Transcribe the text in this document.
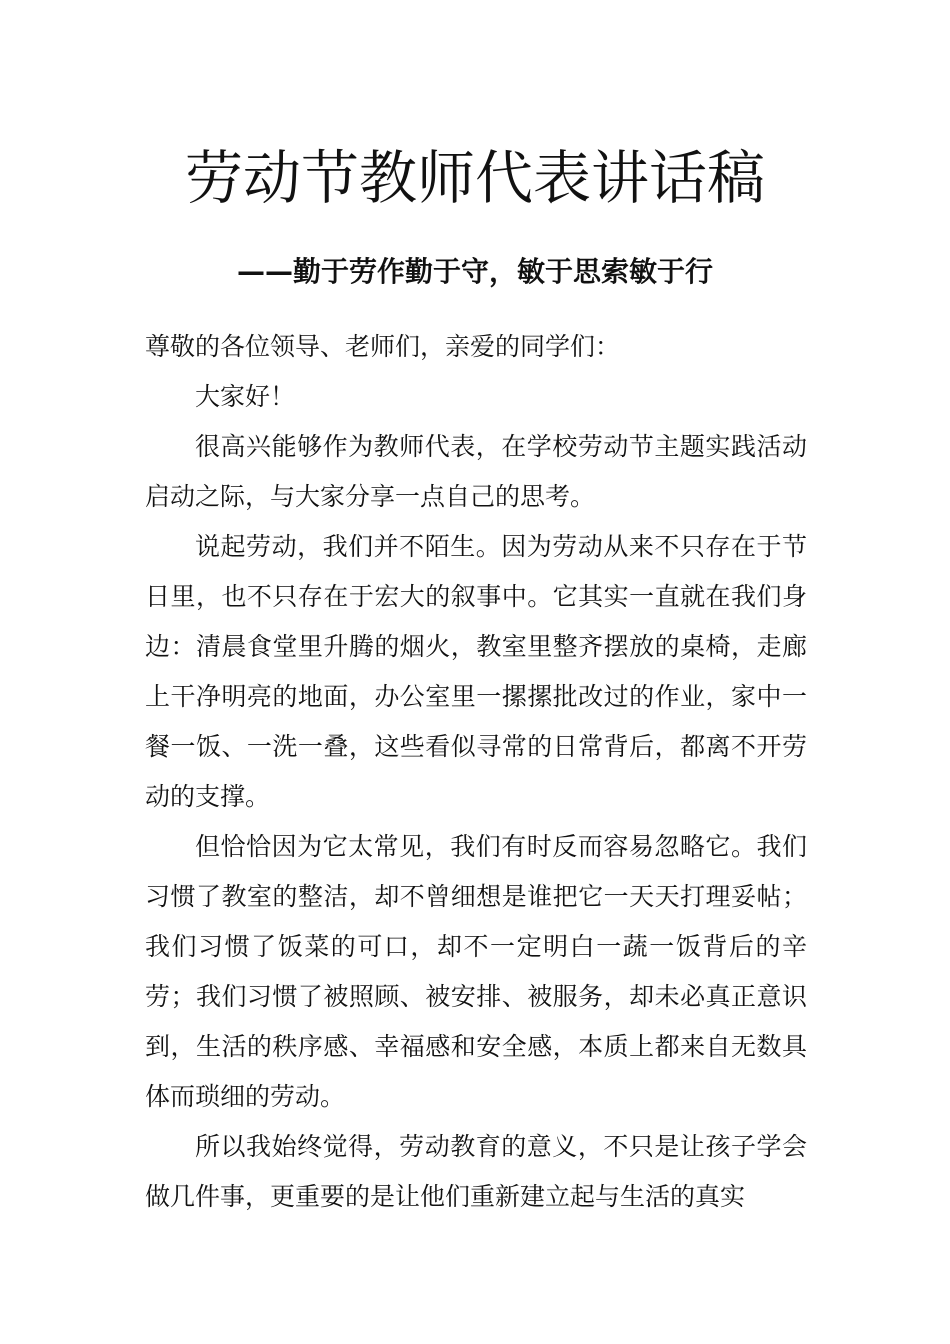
劳动节教师代表讲话稿
——勤于劳作勤于守，敏于思索敏于行

尊敬的各位领导、老师们，亲爱的同学们：

大家好！

很高兴能够作为教师代表，在学校劳动节主题实践活动启动之际，与大家分享一点自己的思考。

说起劳动，我们并不陌生。因为劳动从来不只存在于节日里，也不只存在于宏大的叙事中。它其实一直就在我们身边：清晨食堂里升腾的烟火，教室里整齐摆放的桌椅，走廊上干净明亮的地面，办公室里一摞摞批改过的作业，家中一餐一饭、一洗一叠，这些看似寻常的日常背后，都离不开劳动的支撑。

但恰恰因为它太常见，我们有时反而容易忽略它。我们习惯了教室的整洁，却不曾细想是谁把它一天天打理妥帖；我们习惯了饭菜的可口，却不一定明白一蔬一饭背后的辛劳；我们习惯了被照顾、被安排、被服务，却未必真正意识到，生活的秩序感、幸福感和安全感，本质上都来自无数具体而琐细的劳动。

所以我始终觉得，劳动教育的意义，不只是让孩子学会做几件事，更重要的是让他们重新建立起与生活的真实
